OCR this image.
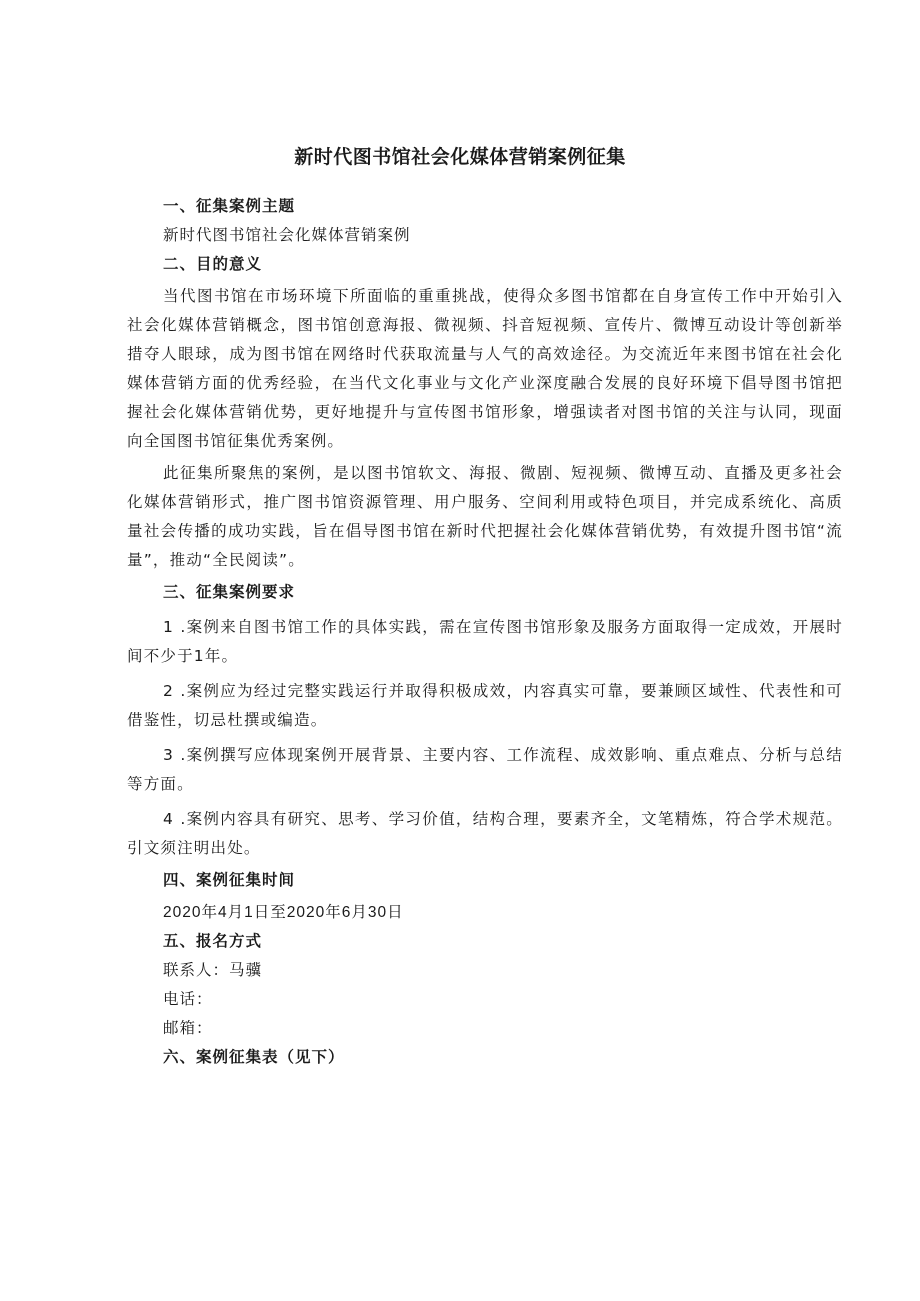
新时代图书馆社会化媒体营销案例征集

一、征集案例主题

新时代图书馆社会化媒体营销案例

二、目的意义

当代图书馆在市场环境下所面临的重重挑战，使得众多图书馆都在自身宣传工作中开始引入社会化媒体营销概念，图书馆创意海报、微视频、抖音短视频、宣传片、微博互动设计等创新举措夺人眼球，成为图书馆在网络时代获取流量与人气的高效途径。为交流近年来图书馆在社会化媒体营销方面的优秀经验，在当代文化事业与文化产业深度融合发展的良好环境下倡导图书馆把握社会化媒体营销优势，更好地提升与宣传图书馆形象，增强读者对图书馆的关注与认同，现面向全国图书馆征集优秀案例。

此征集所聚焦的案例，是以图书馆软文、海报、微剧、短视频、微博互动、直播及更多社会化媒体营销形式，推广图书馆资源管理、用户服务、空间利用或特色项目，并完成系统化、高质量社会传播的成功实践，旨在倡导图书馆在新时代把握社会化媒体营销优势，有效提升图书馆“流量”，推动“全民阅读”。

三、征集案例要求

1 .案例来自图书馆工作的具体实践，需在宣传图书馆形象及服务方面取得一定成效，开展时间不少于1年。

2 .案例应为经过完整实践运行并取得积极成效，内容真实可靠，要兼顾区域性、代表性和可借鉴性，切忌杜撰或编造。

3 .案例撰写应体现案例开展背景、主要内容、工作流程、成效影响、重点难点、分析与总结等方面。

4 .案例内容具有研究、思考、学习价值，结构合理，要素齐全，文笔精炼，符合学术规范。引文须注明出处。

四、案例征集时间

2020年4月1日至2020年6月30日

五、报名方式

联系人：马骥

电话：

邮箱：

六、案例征集表（见下）
